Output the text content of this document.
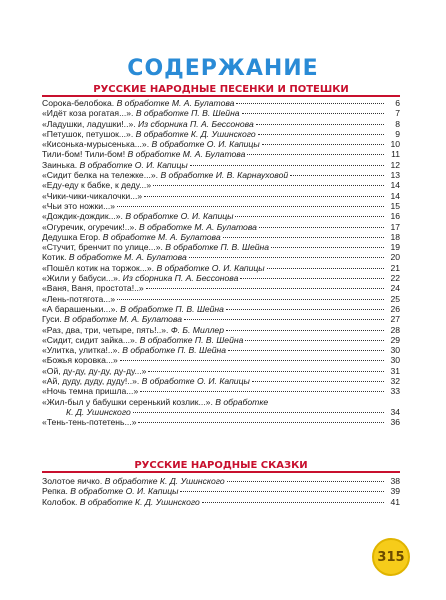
СОДЕРЖАНИЕ
РУССКИЕ НАРОДНЫЕ ПЕСЕНКИ И ПОТЕШКИ
Сорока-белобока. В обработке М. А. Булатова	6
«Идёт коза рогатая...». В обработке П. В. Шейна	7
«Ладушки, ладушки!..». Из сборника П. А. Бессонова	8
«Петушок, петушок...». В обработке К. Д. Ушинского	9
«Кисонька-мурысенька...». В обработке О. И. Капицы	10
Тили-бом! Тили-бом! В обработке М. А. Булатова	11
Заинька. В обработке О. И. Капицы	12
«Сидит белка на тележке...». В обработке И. В. Карнауховой	13
«Еду-еду к бабке, к деду...»	14
«Чики-чики-чикалочки...»	14
«Чьи это ножки...»	15
«Дождик-дождик...». В обработке О. И. Капицы	16
«Огуречик, огуречик!..». В обработке М. А. Булатова	17
Дедушка Егор. В обработке М. А. Булатова	18
«Стучит, бренчит по улице...». В обработке П. В. Шейна	19
Котик. В обработке М. А. Булатова	20
«Пошёл котик на торжок...». В обработке О. И. Капицы	21
«Жили у бабуси...». Из сборника П. А. Бессонова	22
«Ваня, Ваня, простота!..»	24
«Лень-потягота...»	25
«А барашеньки...». В обработке П. В. Шейна	26
Гуси. В обработке М. А. Булатова	27
«Раз, два, три, четыре, пять!..». Ф. Б. Миллер	28
«Сидит, сидит зайка...». В обработке П. В. Шейна	29
«Улитка, улитка!..». В обработке П. В. Шейна	30
«Божья коровка...»	30
«Ой, ду-ду, ду-ду, ду-ду...»	31
«Ай, дуду, дуду, дуду!..». В обработке О. И. Капицы	32
«Ночь темна пришла...»	33
«Жил-был у бабушки серенький козлик...». В обработке
К. Д. Ушинского	34
«Тень-тень-потетень...»	36
РУССКИЕ НАРОДНЫЕ СКАЗКИ
Золотое яичко. В обработке К. Д. Ушинского	38
Репка. В обработке О. И. Капицы	39
Колобок. В обработке К. Д. Ушинского	41
315
